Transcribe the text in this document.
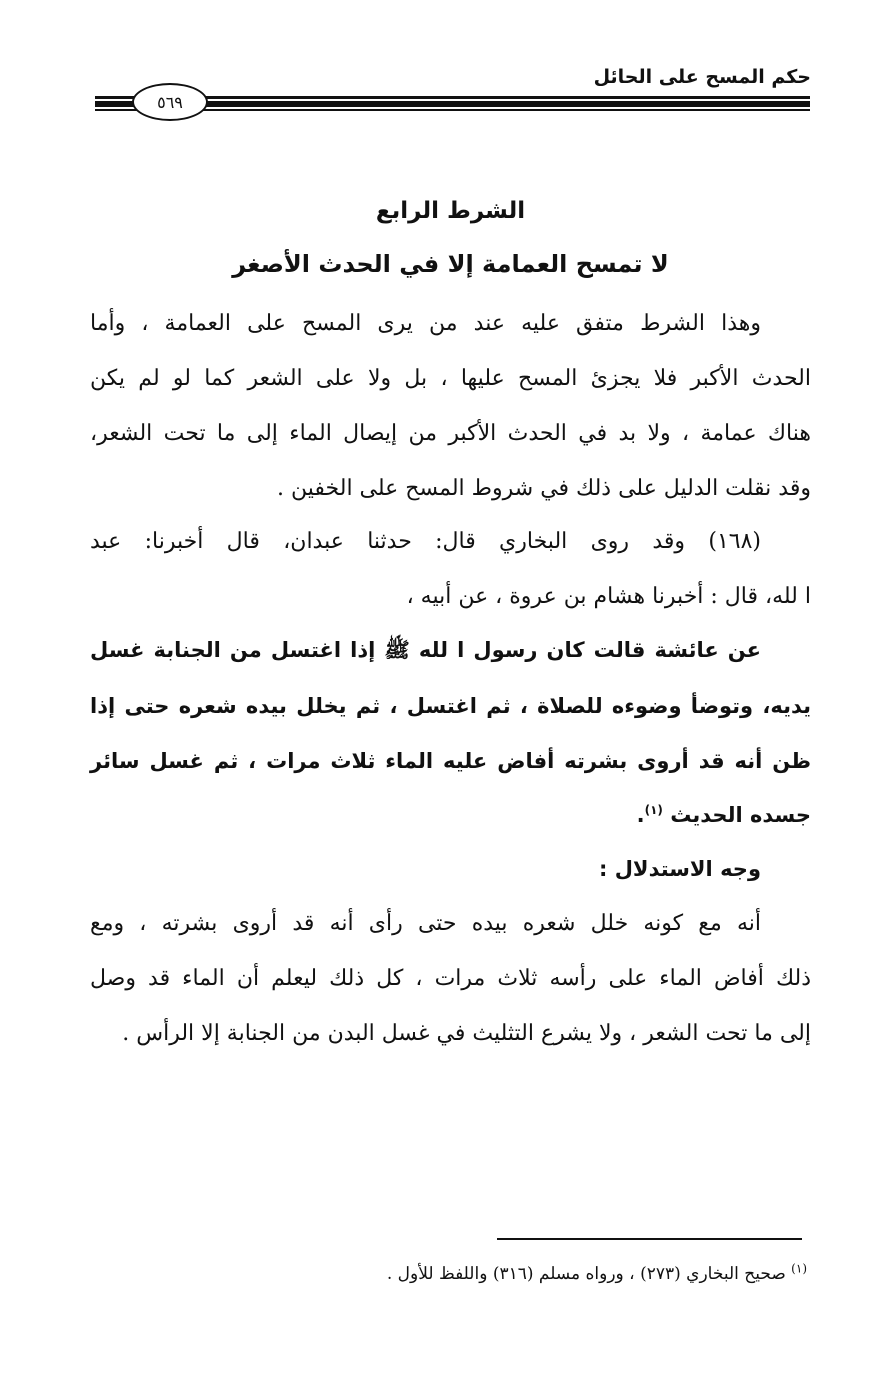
حكم المسح على الحائل
٥٦٩
الشرط الرابع
لا تمسح العمامة إلا في الحدث الأصغر
وهذا الشرط متفق عليه عند من يرى المسح على العمامة ، وأما
الحدث الأكبر فلا يجزئ المسح عليها ، بل ولا على الشعر كما لو لم يكن
هناك عمامة ، ولا بد في الحدث الأكبر من إيصال الماء إلى ما تحت الشعر،
وقد نقلت الدليل على ذلك في شروط المسح على الخفين .
(١٦٨) وقد روى البخاري قال: حدثنا عبدان، قال أخبرنا: عبد
ا لله، قال : أخبرنا هشام بن عروة ، عن أبيه ،
عن عائشة قالت كان رسول ا لله ﷺ إذا اغتسل من الجنابة غسل
يديه، وتوضأ وضوءه للصلاة ، ثم اغتسل ، ثم يخلل بيده شعره حتى إذا
ظن أنه قد أروى بشرته أفاض عليه الماء ثلاث مرات ، ثم غسل سائر
جسده الحديث $^{(١)}$.
وجه الاستدلال :
أنه مع كونه خلل شعره بيده حتى رأى أنه قد أروى بشرته ، ومع
ذلك أفاض الماء على رأسه ثلاث مرات ، كل ذلك ليعلم أن الماء قد وصل
إلى ما تحت الشعر ، ولا يشرع التثليث في غسل البدن من الجنابة إلا الرأس .
$^{(١)}$ صحيح البخاري (٢٧٣) ، ورواه مسلم (٣١٦) واللفظ للأول .
